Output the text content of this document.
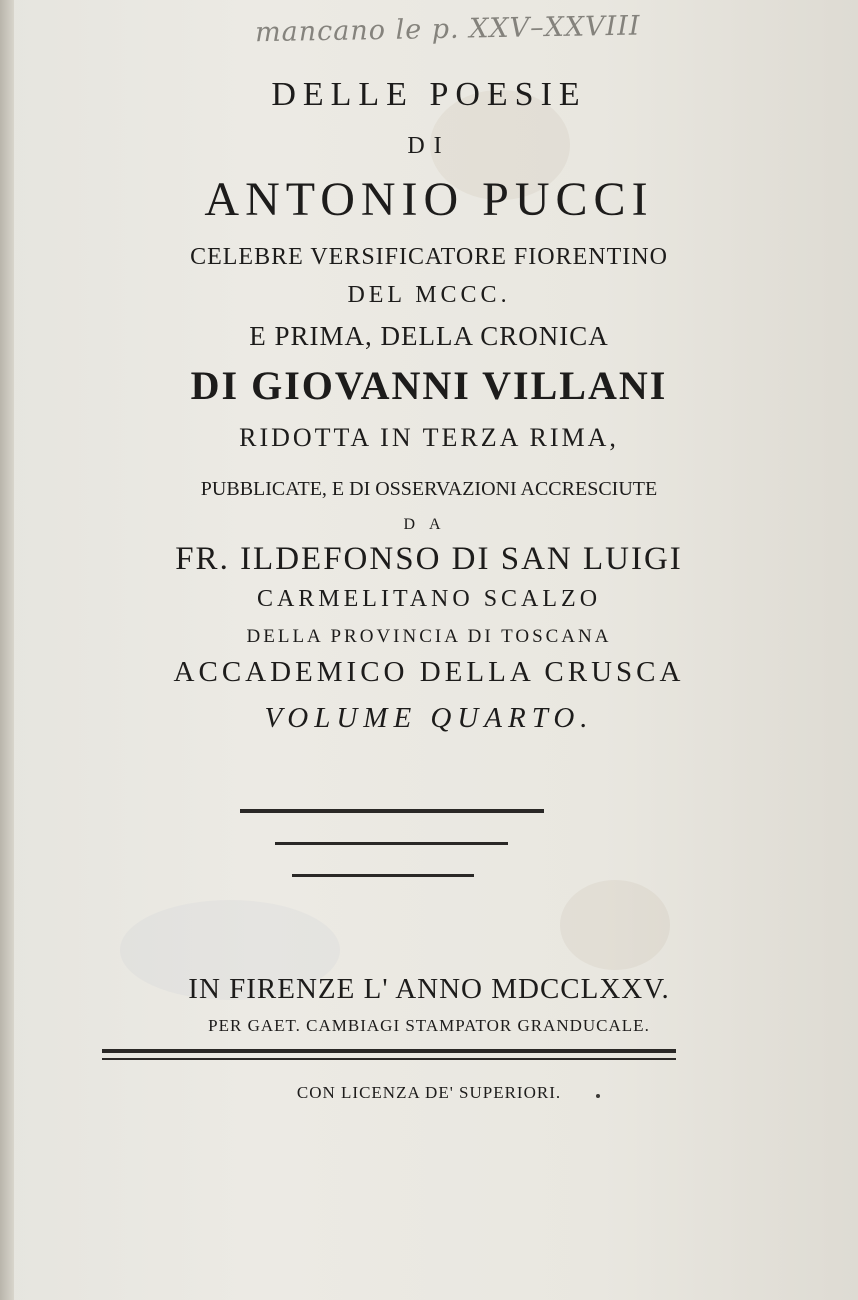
mancano le p. XXV–XXVIII
DELLE POESIE
DI
ANTONIO PUCCI
CELEBRE VERSIFICATORE FIORENTINO
DEL MCCC.
E PRIMA, DELLA CRONICA
DI GIOVANNI VILLANI
RIDOTTA IN TERZA RIMA,
PUBBLICATE, E DI OSSERVAZIONI ACCRESCIUTE
DA
FR. ILDEFONSO DI SAN LUIGI
CARMELITANO SCALZO
DELLA PROVINCIA DI TOSCANA
ACCADEMICO DELLA CRUSCA
VOLUME QUARTO.
IN FIRENZE L' ANNO MDCCLXXV.
PER GAET. CAMBIAGI STAMPATOR GRANDUCALE.
CON LICENZA DE' SUPERIORI.
